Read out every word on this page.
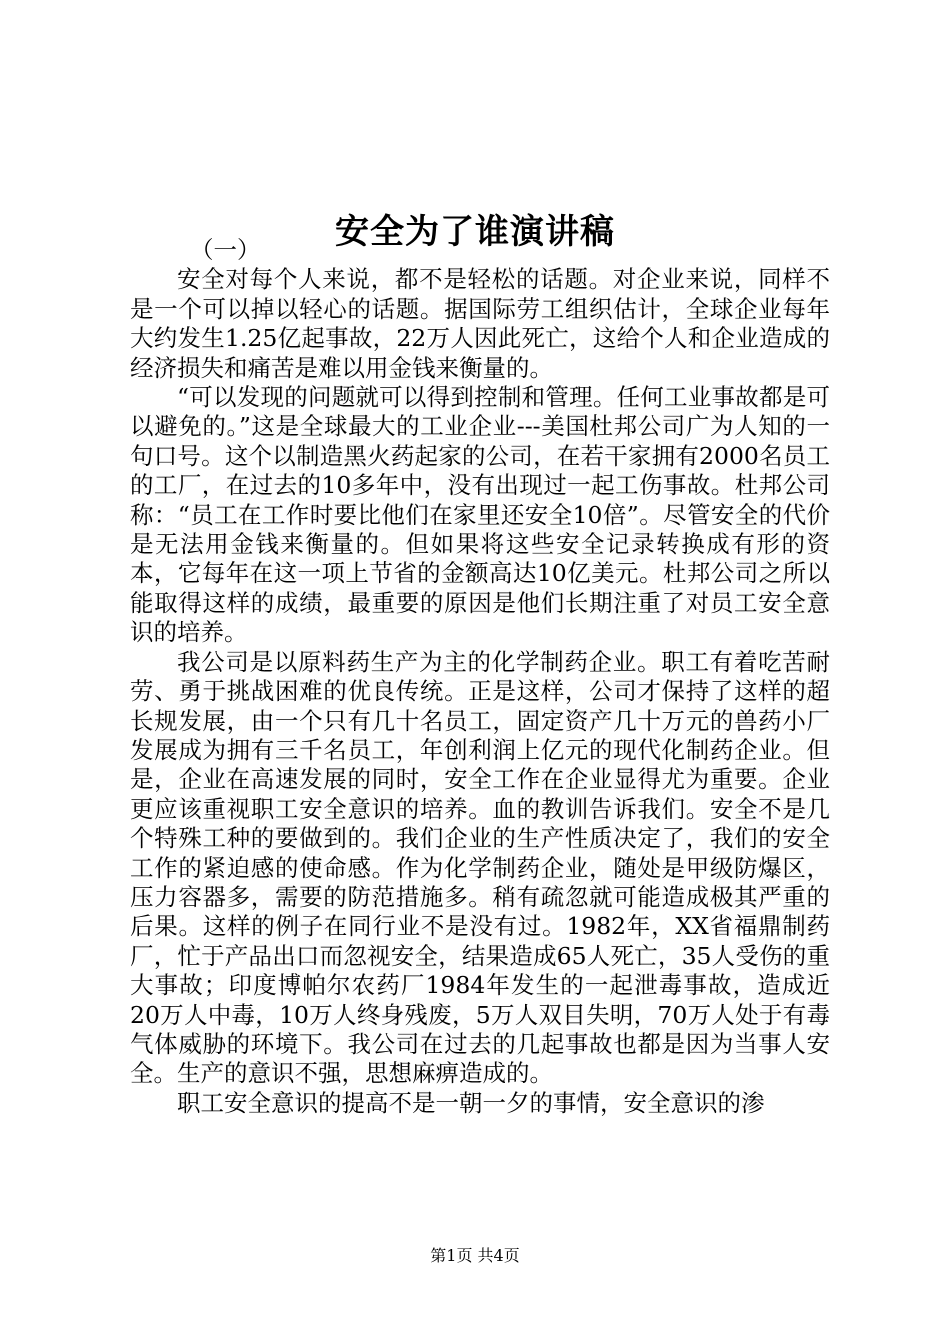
安全为了谁演讲稿

（一）

安全对每个人来说，都不是轻松的话题。对企业来说，同样不是一个可以掉以轻心的话题。据国际劳工组织估计，全球企业每年大约发生1.25亿起事故，22万人因此死亡，这给个人和企业造成的经济损失和痛苦是难以用金钱来衡量的。

“可以发现的问题就可以得到控制和管理。任何工业事故都是可以避免的。”这是全球最大的工业企业---美国杜邦公司广为人知的一句口号。这个以制造黑火药起家的公司，在若干家拥有2000名员工的工厂，在过去的10多年中，没有出现过一起工伤事故。杜邦公司称：“员工在工作时要比他们在家里还安全10倍”。尽管安全的代价是无法用金钱来衡量的。但如果将这些安全记录转换成有形的资本，它每年在这一项上节省的金额高达10亿美元。杜邦公司之所以能取得这样的成绩，最重要的原因是他们长期注重了对员工安全意识的培养。

我公司是以原料药生产为主的化学制药企业。职工有着吃苦耐劳、勇于挑战困难的优良传统。正是这样，公司才保持了这样的超长规发展，由一个只有几十名员工，固定资产几十万元的兽药小厂发展成为拥有三千名员工，年创利润上亿元的现代化制药企业。但是，企业在高速发展的同时，安全工作在企业显得尤为重要。企业更应该重视职工安全意识的培养。血的教训告诉我们。安全不是几个特殊工种的要做到的。我们企业的生产性质决定了，我们的安全工作的紧迫感的使命感。作为化学制药企业，随处是甲级防爆区，压力容器多，需要的防范措施多。稍有疏忽就可能造成极其严重的后果。这样的例子在同行业不是没有过。1982年，XX省福鼎制药厂，忙于产品出口而忽视安全，结果造成65人死亡，35人受伤的重大事故；印度博帕尔农药厂1984年发生的一起泄毒事故，造成近20万人中毒，10万人终身残废，5万人双目失明，70万人处于有毒气体威胁的环境下。我公司在过去的几起事故也都是因为当事人安全。生产的意识不强，思想麻痹造成的。

职工安全意识的提高不是一朝一夕的事情，安全意识的渗

第1页 共4页
